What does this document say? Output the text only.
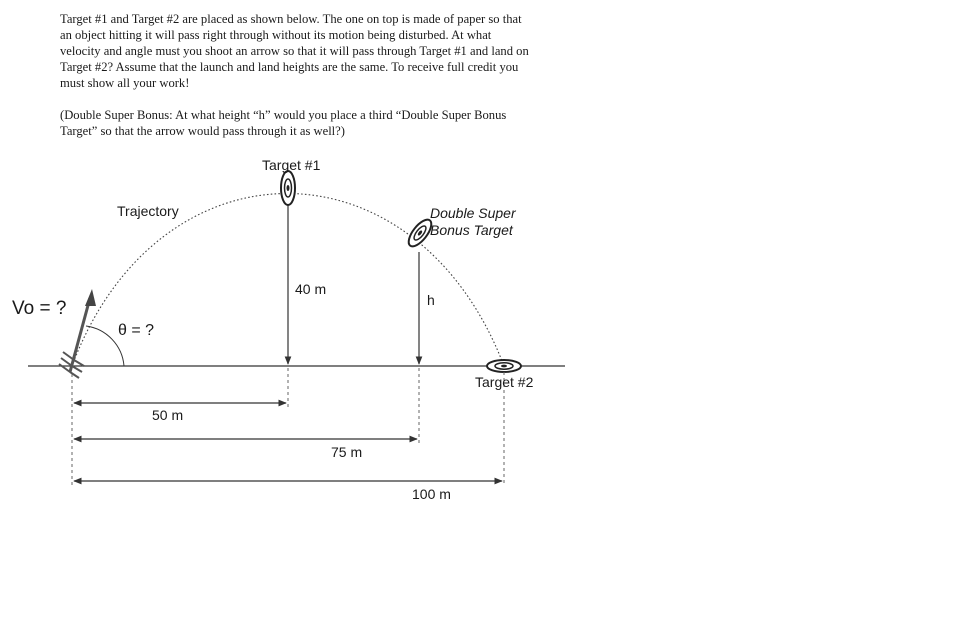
Target #1 and Target #2 are placed as shown below. The one on top is made of paper so that an object hitting it will pass right through without its motion being disturbed. At what velocity and angle must you shoot an arrow so that it will pass through Target #1 and land on Target #2? Assume that the launch and land heights are the same. To receive full credit you must show all your work!

(Double Super Bonus: At what height “h” would you place a third “Double Super Bonus Target” so that the arrow would pass through it as well?)

Target #1
Target #2
Double Super
Bonus Target
Trajectory
Vo = ?
θ = ?
40 m
h
50 m
75 m
100 m
